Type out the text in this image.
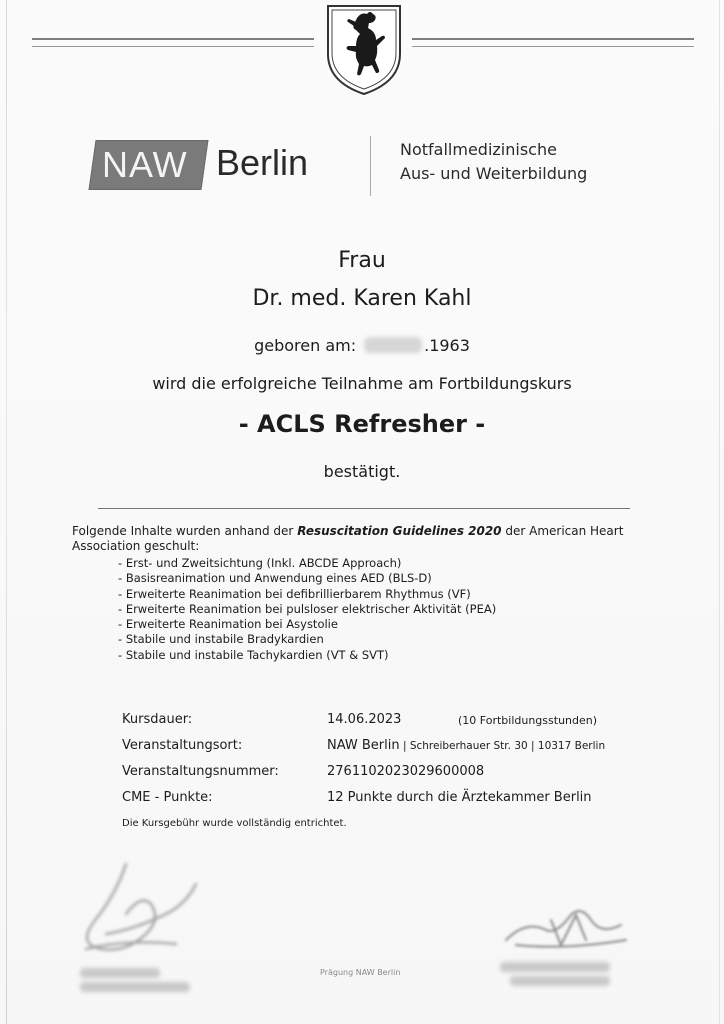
NAW Berlin	Notfallmedizinische
Aus- und Weiterbildung
Frau
Dr. med. Karen Kahl
geboren am:	.1963
wird die erfolgreiche Teilnahme am Fortbildungskurs
- ACLS Refresher -
bestätigt.
Folgende Inhalte wurden anhand der Resuscitation Guidelines 2020 der American Heart Association geschult:
- Erst- und Zweitsichtung (Inkl. ABCDE Approach)
- Basisreanimation und Anwendung eines AED (BLS-D)
- Erweiterte Reanimation bei defibrillierbarem Rhythmus (VF)
- Erweiterte Reanimation bei pulsloser elektrischer Aktivität (PEA)
- Erweiterte Reanimation bei Asystolie
- Stabile und instabile Bradykardien
- Stabile und instabile Tachykardien (VT & SVT)
Kursdauer:	14.06.2023	(10 Fortbildungsstunden)
Veranstaltungsort:	NAW Berlin | Schreiberhauer Str. 30 | 10317 Berlin
Veranstaltungsnummer:	2761102023029600008
CME - Punkte:	12 Punkte durch die Ärztekammer Berlin
Die Kursgebühr wurde vollständig entrichtet.
Prägung NAW Berlin
